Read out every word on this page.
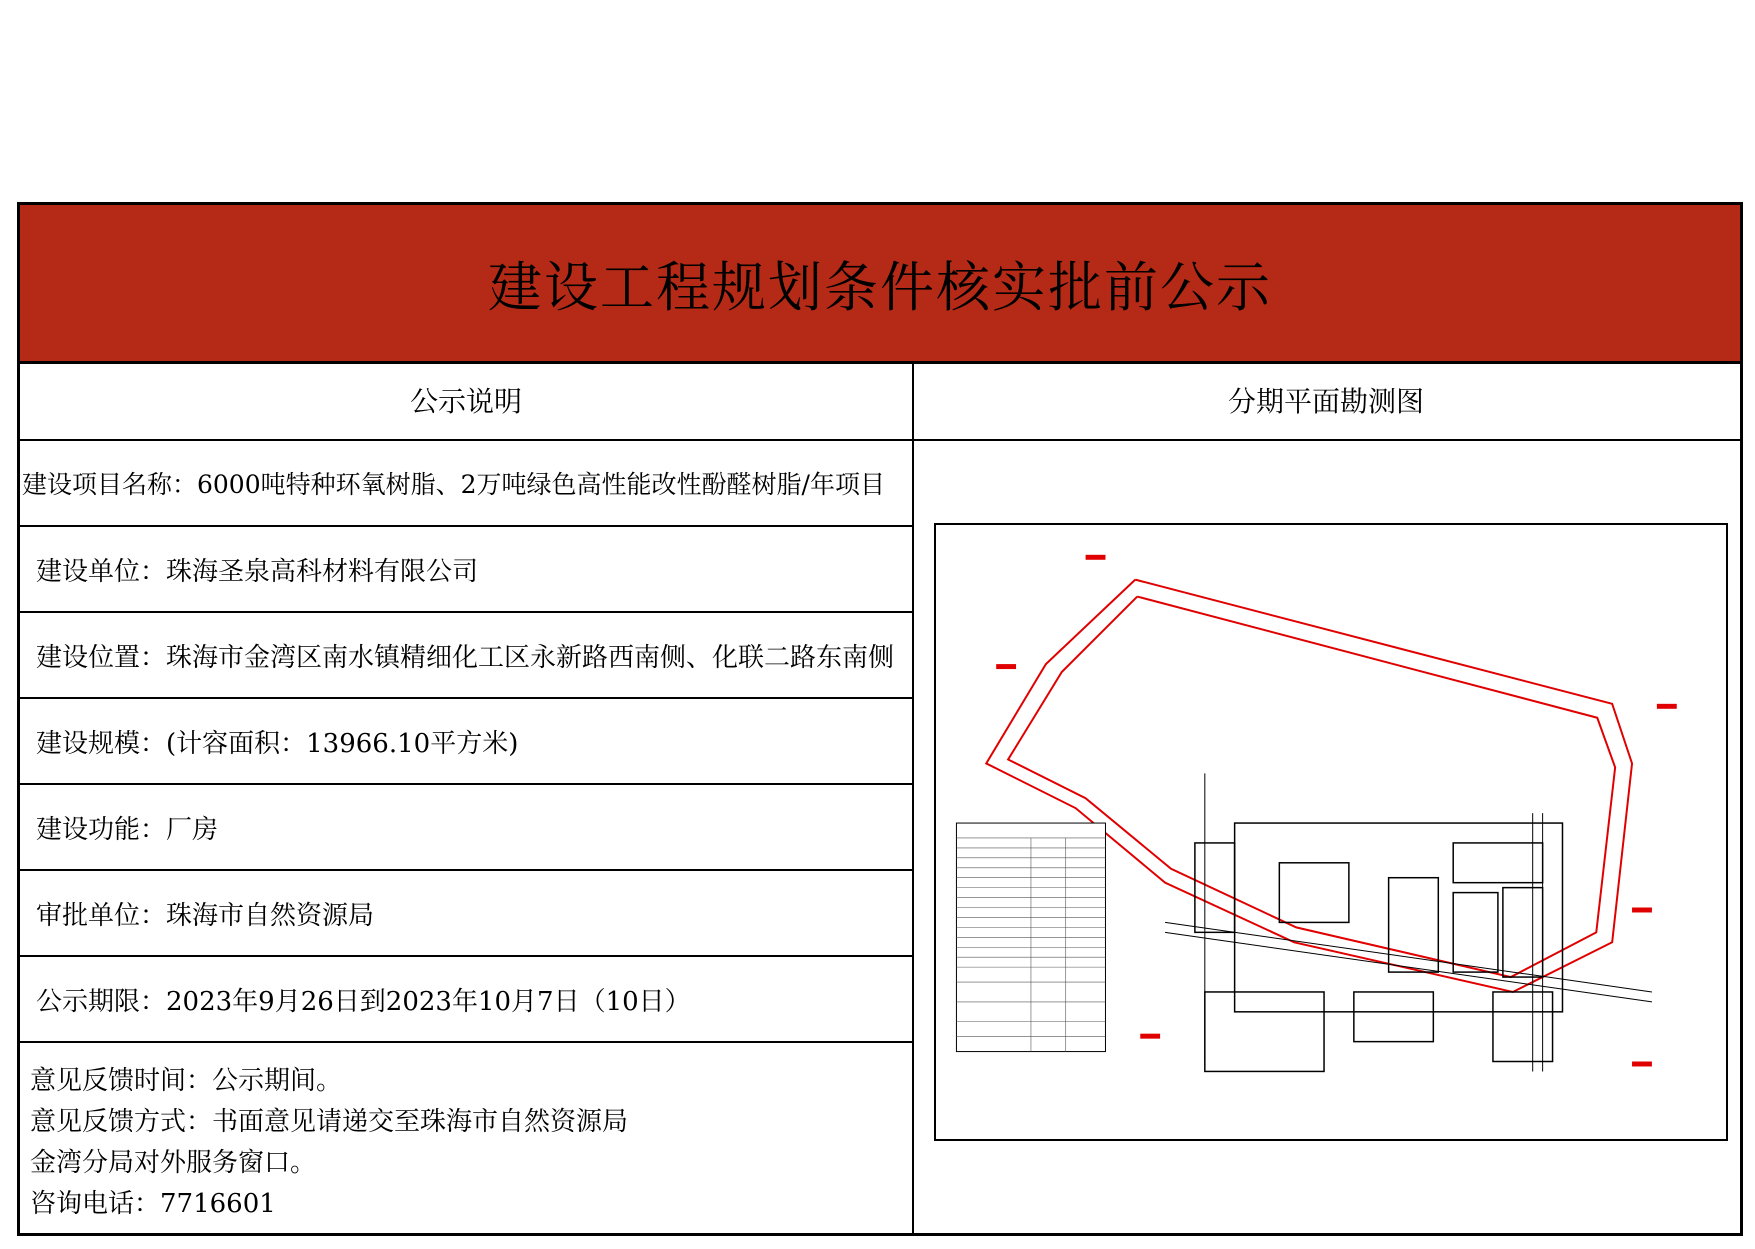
建设工程规划条件核实批前公示
公示说明
建设项目名称：6000吨特种环氧树脂、2万吨绿色高性能改性酚醛树脂/年项目
建设单位：珠海圣泉高科材料有限公司
建设位置：珠海市金湾区南水镇精细化工区永新路西南侧、化联二路东南侧
建设规模：(计容面积：13966.10平方米)
建设功能：厂房
审批单位：珠海市自然资源局
公示期限：2023年9月26日到2023年10月7日（10日）
意见反馈时间：公示期间。
意见反馈方式：书面意见请递交至珠海市自然资源局
金湾分局对外服务窗口。
咨询电话：7716601
分期平面勘测图
